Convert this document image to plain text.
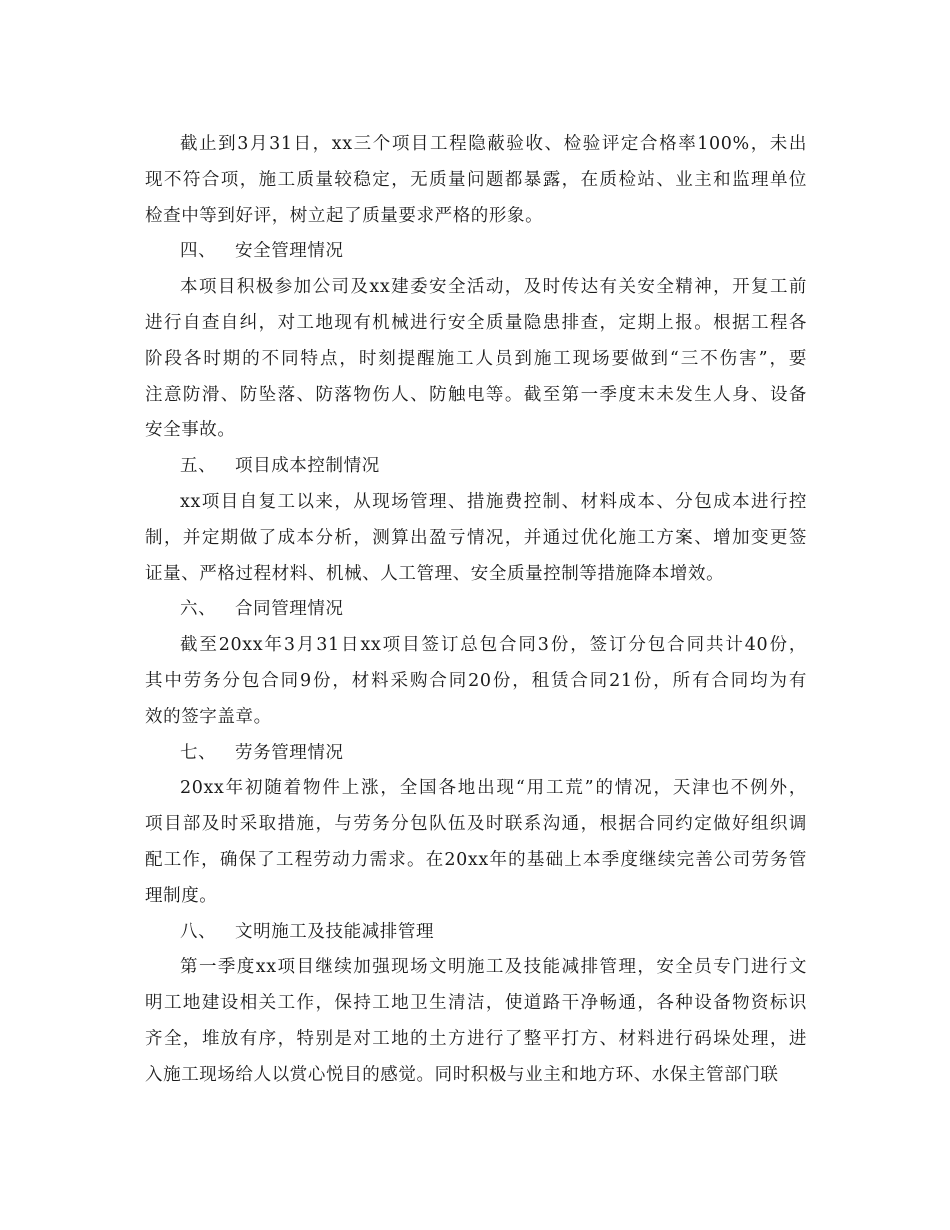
截止到3月31日，xx三个项目工程隐蔽验收、检验评定合格率100%，未出
现不符合项，施工质量较稳定，无质量问题都暴露，在质检站、业主和监理单位
检查中等到好评，树立起了质量要求严格的形象。
四、 安全管理情况
本项目积极参加公司及xx建委安全活动，及时传达有关安全精神，开复工前
进行自查自纠，对工地现有机械进行安全质量隐患排查，定期上报。根据工程各
阶段各时期的不同特点，时刻提醒施工人员到施工现场要做到“三不伤害”，要
注意防滑、防坠落、防落物伤人、防触电等。截至第一季度末未发生人身、设备
安全事故。
五、 项目成本控制情况
xx项目自复工以来，从现场管理、措施费控制、材料成本、分包成本进行控
制，并定期做了成本分析，测算出盈亏情况，并通过优化施工方案、增加变更签
证量、严格过程材料、机械、人工管理、安全质量控制等措施降本增效。
六、 合同管理情况
截至20xx年3月31日xx项目签订总包合同3份，签订分包合同共计40份，
其中劳务分包合同9份，材料采购合同20份，租赁合同21份，所有合同均为有
效的签字盖章。
七、 劳务管理情况
20xx年初随着物件上涨，全国各地出现“用工荒”的情况，天津也不例外，
项目部及时采取措施，与劳务分包队伍及时联系沟通，根据合同约定做好组织调
配工作，确保了工程劳动力需求。在20xx年的基础上本季度继续完善公司劳务管
理制度。
八、 文明施工及技能减排管理
第一季度xx项目继续加强现场文明施工及技能减排管理，安全员专门进行文
明工地建设相关工作，保持工地卫生清洁，使道路干净畅通，各种设备物资标识
齐全，堆放有序，特别是对工地的土方进行了整平打方、材料进行码垛处理，进
入施工现场给人以赏心悦目的感觉。同时积极与业主和地方环、水保主管部门联
